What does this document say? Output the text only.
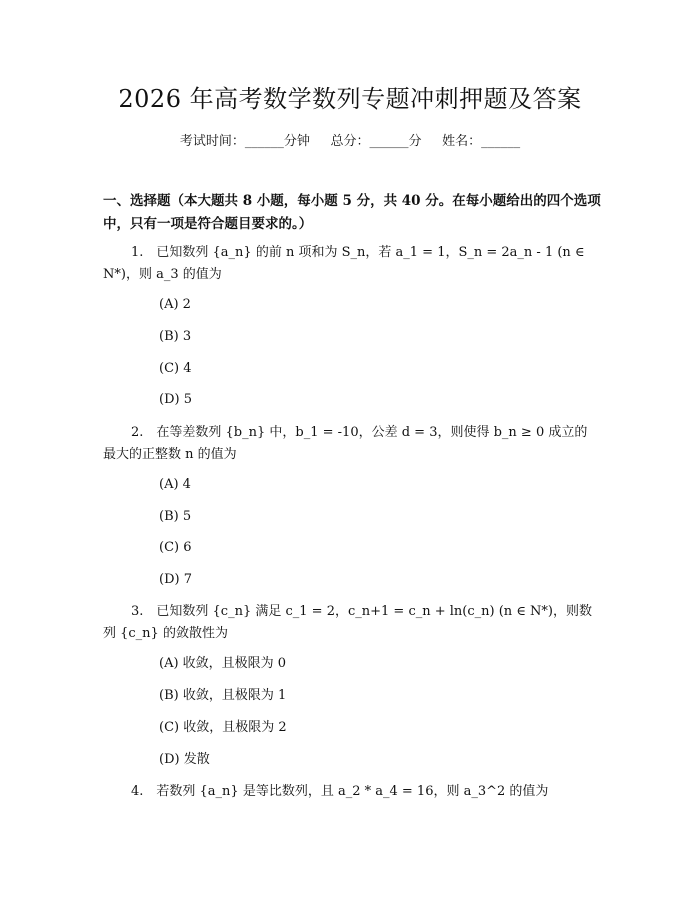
2026 年高考数学数列专题冲刺押题及答案
考试时间：______分钟     总分：______分     姓名：______
一、选择题（本大题共 8 小题，每小题 5 分，共 40 分。在每小题给出的四个选项中，只有一项是符合题目要求的。）
1.　已知数列 {a_n} 的前 n 项和为 S_n，若 a_1 = 1，S_n = 2a_n - 1 (n ∈ N*)，则 a_3 的值为
(A) 2
(B) 3
(C) 4
(D) 5
2.　在等差数列 {b_n} 中，b_1 = -10，公差 d = 3，则使得 b_n ≥ 0 成立的最大的正整数 n 的值为
(A) 4
(B) 5
(C) 6
(D) 7
3.　已知数列 {c_n} 满足 c_1 = 2，c_n+1 = c_n + ln(c_n) (n ∈ N*)，则数列 {c_n} 的敛散性为
(A) 收敛，且极限为 0
(B) 收敛，且极限为 1
(C) 收敛，且极限为 2
(D) 发散
4.　若数列 {a_n} 是等比数列，且 a_2 * a_4 = 16，则 a_3^2 的值为
